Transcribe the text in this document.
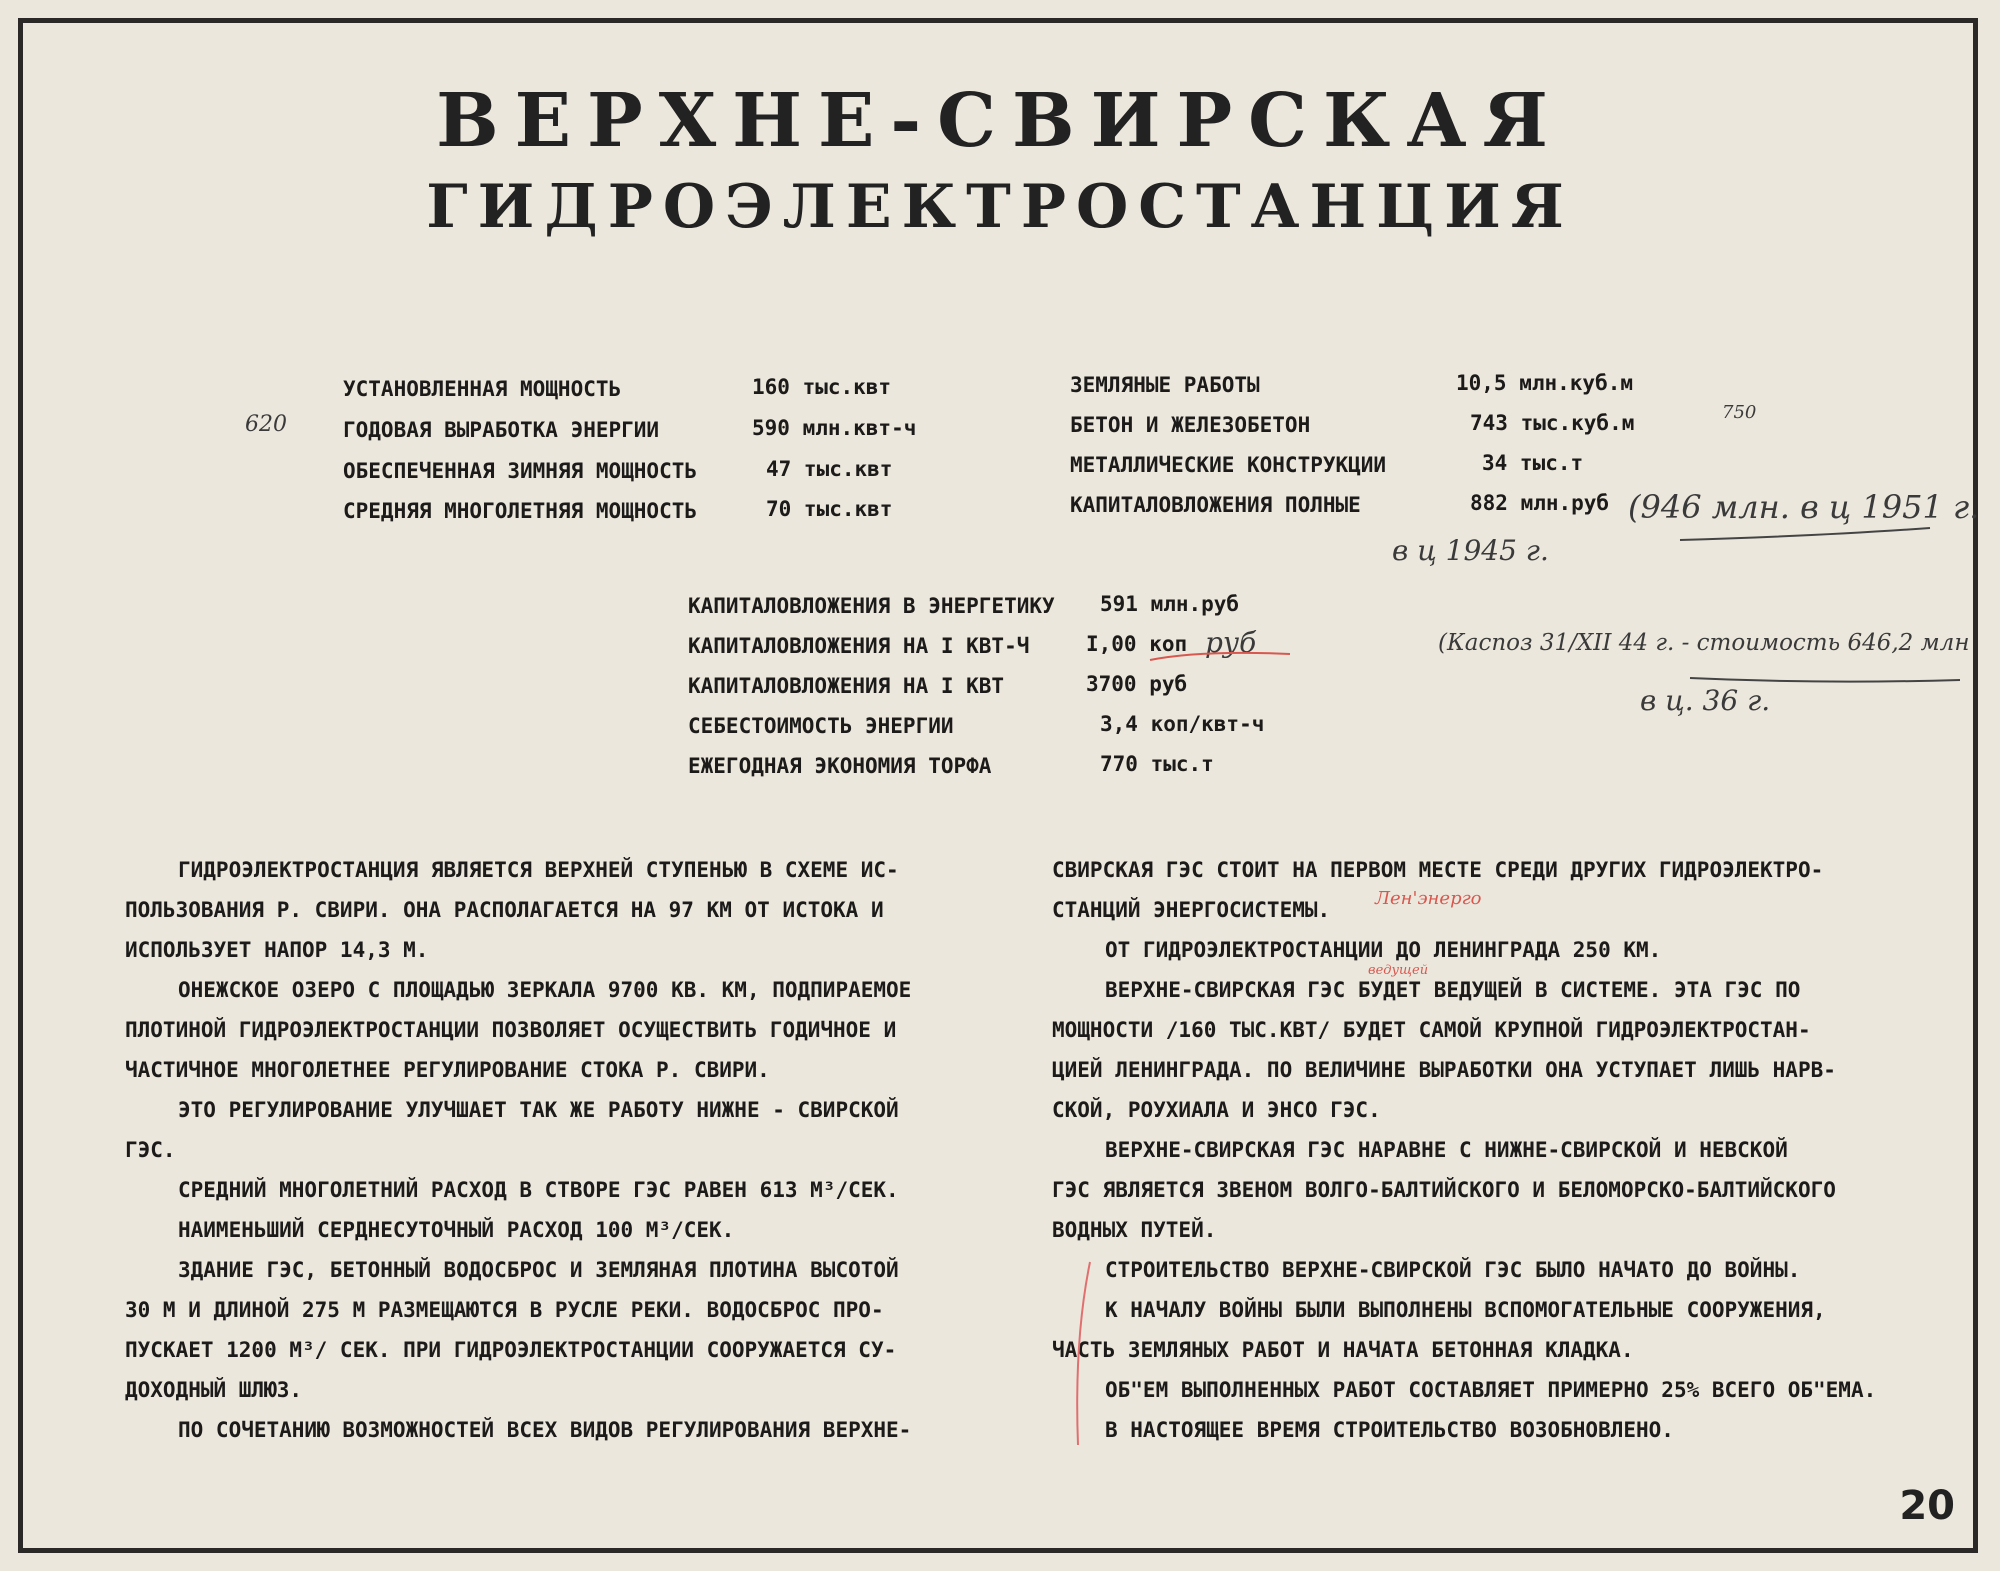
ВЕРХНЕ-СВИРСКАЯ
ГИДРОЭЛЕКТРОСТАНЦИЯ
УСТАНОВЛЕННАЯ МОЩНОСТЬ	160 тыс.квт
ГОДОВАЯ ВЫРАБОТКА ЭНЕРГИИ	590 млн.квт-ч
ОБЕСПЕЧЕННАЯ ЗИМНЯЯ МОЩНОСТЬ	47 тыс.квт
СРЕДНЯЯ МНОГОЛЕТНЯЯ МОЩНОСТЬ	70 тыс.квт
ЗЕМЛЯНЫЕ РАБОТЫ	10,5 млн.куб.м
БЕТОН И ЖЕЛЕЗОБЕТОН	743 тыс.куб.м
МЕТАЛЛИЧЕСКИЕ КОНСТРУКЦИИ	34 тыс.т
КАПИТАЛОВЛОЖЕНИЯ ПОЛНЫЕ	882 млн.руб
КАПИТАЛОВЛОЖЕНИЯ В ЭНЕРГЕТИКУ 591 млн.руб
КАПИТАЛОВЛОЖЕНИЯ НА I КВТ-Ч	I,00 коп
КАПИТАЛОВЛОЖЕНИЯ НА I КВТ	3700 руб
СЕБЕСТОИМОСТЬ ЭНЕРГИИ	3,4 коп/квт-ч
ЕЖЕГОДНАЯ ЭКОНОМИЯ ТОРФА	770 тыс.т
ГИДРОЭЛЕКТРОСТАНЦИЯ ЯВЛЯЕТСЯ ВЕРХНЕЙ СТУПЕНЬЮ В СХЕМЕ ИС-
ПОЛЬЗОВАНИЯ Р. СВИРИ. ОНА РАСПОЛАГАЕТСЯ НА 97 КМ ОТ ИСТОКА И
ИСПОЛЬЗУЕТ НАПОР 14,3 М.
ОНЕЖСКОЕ ОЗЕРО С ПЛОЩАДЬЮ ЗЕРКАЛА 9700 КВ. КМ, ПОДПИРАЕМОЕ
ПЛОТИНОЙ ГИДРОЭЛЕКТРОСТАНЦИИ ПОЗВОЛЯЕТ ОСУЩЕСТВИТЬ ГОДИЧНОЕ И
ЧАСТИЧНОЕ МНОГОЛЕТНЕЕ РЕГУЛИРОВАНИЕ СТОКА Р. СВИРИ.
ЭТО РЕГУЛИРОВАНИЕ УЛУЧШАЕТ ТАК ЖЕ РАБОТУ НИЖНЕ - СВИРСКОЙ
ГЭС.
СРЕДНИЙ МНОГОЛЕТНИЙ РАСХОД В СТВОРЕ ГЭС РАВЕН 613 М³/СЕК.
НАИМЕНЬШИЙ СЕРДНЕСУТОЧНЫЙ РАСХОД 100 М³/СЕК.
ЗДАНИЕ ГЭС, БЕТОННЫЙ ВОДОСБРОС И ЗЕМЛЯНАЯ ПЛОТИНА ВЫСОТОЙ
30 М И ДЛИНОЙ 275 М РАЗМЕЩАЮТСЯ В РУСЛЕ РЕКИ. ВОДОСБРОС ПРО-
ПУСКАЕТ 1200 М³/ СЕК. ПРИ ГИДРОЭЛЕКТРОСТАНЦИИ СООРУЖАЕТСЯ СУ-
ДОХОДНЫЙ ШЛЮЗ.
ПО СОЧЕТАНИЮ ВОЗМОЖНОСТЕЙ ВСЕХ ВИДОВ РЕГУЛИРОВАНИЯ ВЕРХНЕ-
СВИРСКАЯ ГЭС СТОИТ НА ПЕРВОМ МЕСТЕ СРЕДИ ДРУГИХ ГИДРОЭЛЕКТРО-
СТАНЦИЙ ЭНЕРГОСИСТЕМЫ.
ОТ ГИДРОЭЛЕКТРОСТАНЦИИ ДО ЛЕНИНГРАДА 250 КМ.
ВЕРХНЕ-СВИРСКАЯ ГЭС БУДЕТ ВЕДУЩЕЙ В СИСТЕМЕ. ЭТА ГЭС ПО
МОЩНОСТИ /160 ТЫС.КВТ/ БУДЕТ САМОЙ КРУПНОЙ ГИДРОЭЛЕКТРОСТАН-
ЦИЕЙ ЛЕНИНГРАДА. ПО ВЕЛИЧИНЕ ВЫРАБОТКИ ОНА УСТУПАЕТ ЛИШЬ НАРВ-
СКОЙ, РОУХИАЛА И ЭНСО ГЭС.
ВЕРХНЕ-СВИРСКАЯ ГЭС НАРАВНЕ С НИЖНЕ-СВИРСКОЙ И НЕВСКОЙ
ГЭС ЯВЛЯЕТСЯ ЗВЕНОМ ВОЛГО-БАЛТИЙСКОГО И БЕЛОМОРСКО-БАЛТИЙСКОГО
ВОДНЫХ ПУТЕЙ.
СТРОИТЕЛЬСТВО ВЕРХНЕ-СВИРСКОЙ ГЭС БЫЛО НАЧАТО ДО ВОЙНЫ.
К НАЧАЛУ ВОЙНЫ БЫЛИ ВЫПОЛНЕНЫ ВСПОМОГАТЕЛЬНЫЕ СООРУЖЕНИЯ,
ЧАСТЬ ЗЕМЛЯНЫХ РАБОТ И НАЧАТА БЕТОННАЯ КЛАДКА.
ОБ"ЕМ ВЫПОЛНЕННЫХ РАБОТ СОСТАВЛЯЕТ ПРИМЕРНО 25% ВСЕГО ОБ"ЕМА.
В НАСТОЯЩЕЕ ВРЕМЯ СТРОИТЕЛЬСТВО ВОЗОБНОВЛЕНО.
620	750
(946 млн. в ц 1951 г.
в ц 1945 г.
руб	(Каспоз 31/XII 44 г. - стоимость 646,2 млн
в ц. 36 г.
Лен'энерго
ведущей
20
